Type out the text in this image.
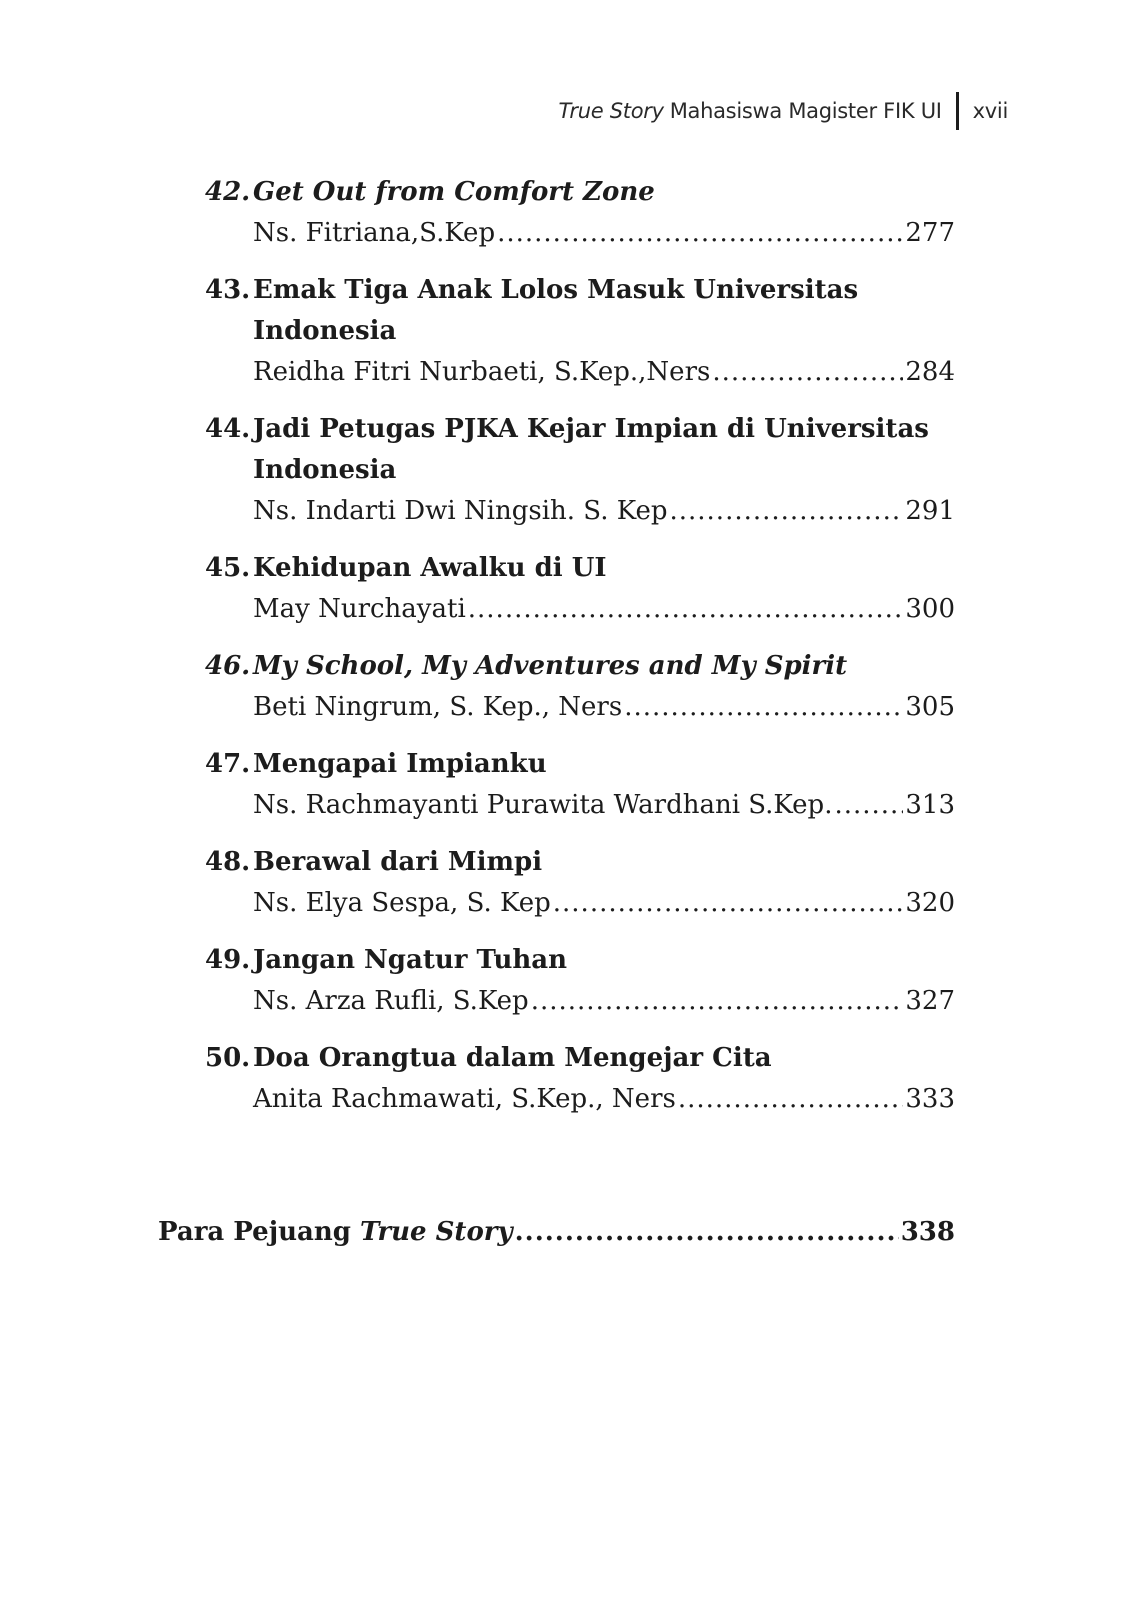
True Story Mahasiswa Magister FIK UI xvii
42. Get Out from Comfort Zone
Ns. Fitriana,S.Kep .....	277
43. Emak Tiga Anak Lolos Masuk Universitas
Indonesia
Reidha Fitri Nurbaeti, S.Kep.,Ners .....	284
44. Jadi Petugas PJKA Kejar Impian di Universitas
Indonesia
Ns. Indarti Dwi Ningsih. S. Kep .....	291
45. Kehidupan Awalku di UI
May Nurchayati .....	300
46. My School, My Adventures and My Spirit
Beti Ningrum, S. Kep., Ners .....	305
47. Mengapai Impianku
Ns. Rachmayanti Purawita Wardhani S.Kep. .....	313
48. Berawal dari Mimpi
Ns. Elya Sespa, S. Kep .....	320
49. Jangan Ngatur Tuhan
Ns. Arza Rufli, S.Kep .....	327
50. Doa Orangtua dalam Mengejar Cita
Anita Rachmawati, S.Kep., Ners .....	333
Para Pejuang True Story .....	338
